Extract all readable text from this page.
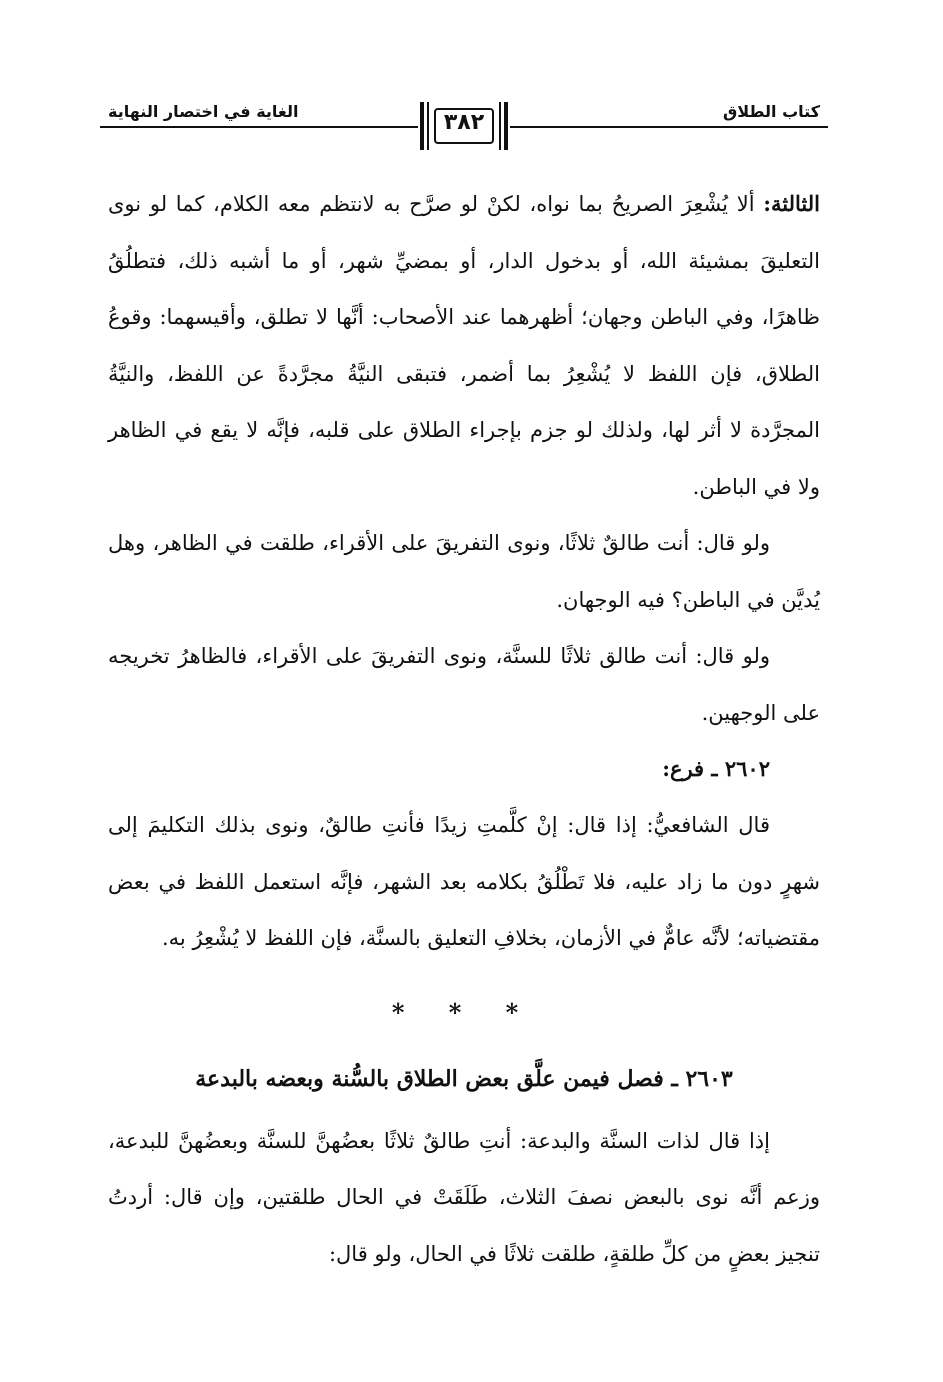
كتاب الطلاق
الغاية في اختصار النهاية	٣٨٢

الثالثة: ألا يُشْعِرَ الصريحُ بما نواه، لكنْ لو صرَّح به لانتظم معه الكلام، كما لو نوى التعليقَ بمشيئة الله، أو بدخول الدار، أو بمضيِّ شهر، أو ما أشبه ذلك، فتطلُقُ ظاهرًا، وفي الباطن وجهان؛ أظهرهما عند الأصحاب: أنَّها لا تطلق، وأقيسهما: وقوعُ الطلاق، فإن اللفظ لا يُشْعِرُ بما أضمر، فتبقى النيَّةُ مجرَّدةً عن اللفظ، والنيَّةُ المجرَّدة لا أثر لها، ولذلك لو جزم بإجراء الطلاق على قلبه، فإنَّه لا يقع في الظاهر ولا في الباطن.

ولو قال: أنت طالقٌ ثلاثًا، ونوى التفريقَ على الأقراء، طلقت في الظاهر، وهل يُديَّن في الباطن؟ فيه الوجهان.

ولو قال: أنت طالق ثلاثًا للسنَّة، ونوى التفريقَ على الأقراء، فالظاهرُ تخريجه على الوجهين.

٢٦٠٢ ـ فرع:

قال الشافعيُّ: إذا قال: إنْ كلَّمتِ زيدًا فأنتِ طالقٌ، ونوى بذلك التكليمَ إلى شهرٍ دون ما زاد عليه، فلا تَطْلُقُ بكلامه بعد الشهر، فإنَّه استعمل اللفظ في بعض مقتضياته؛ لأنَّه عامٌّ في الأزمان، بخلافِ التعليق بالسنَّة، فإن اللفظ لا يُشْعِرُ به.

* * *

٢٦٠٣ ـ فصل فيمن علَّق بعض الطلاق بالسُّنة وبعضه بالبدعة

إذا قال لذات السنَّة والبدعة: أنتِ طالقٌ ثلاثًا بعضُهنَّ للسنَّة وبعضُهنَّ للبدعة، وزعم أنَّه نوى بالبعض نصفَ الثلاث، طَلَقَتْ في الحال طلقتين، وإن قال: أردتُ تنجيز بعضٍ من كلِّ طلقةٍ، طلقت ثلاثًا في الحال، ولو قال:
